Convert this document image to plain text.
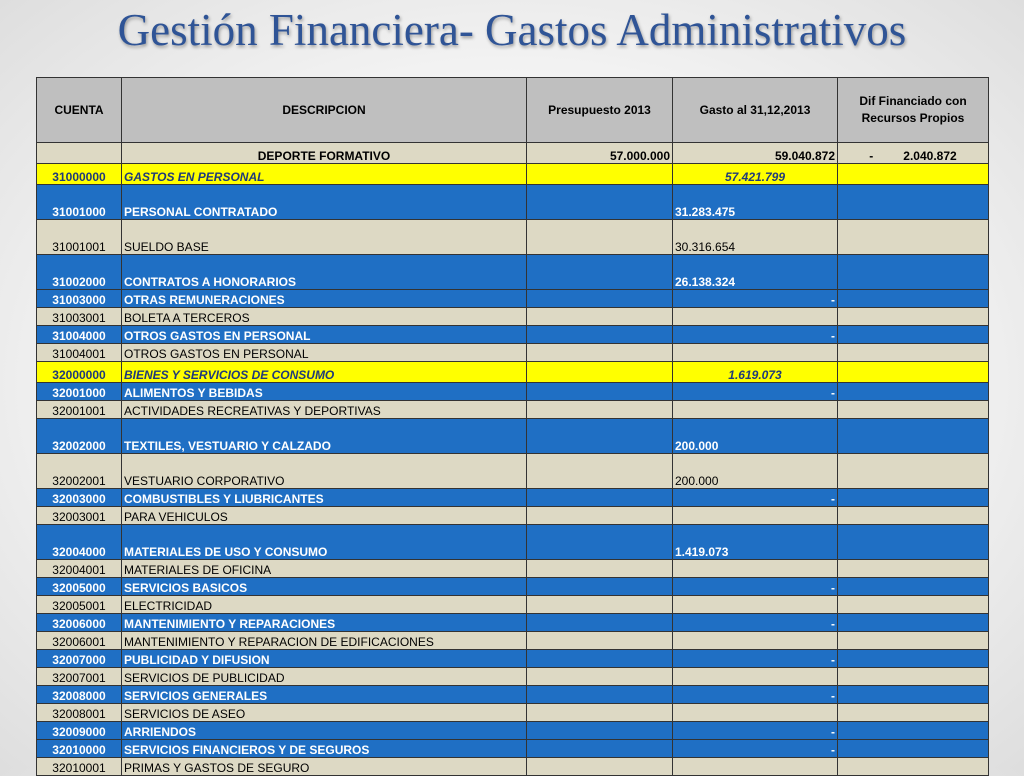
Gestión Financiera- Gastos Administrativos
CUENTA	DESCRIPCION	Presupuesto 2013	Gasto al 31,12,2013	Dif Financiado con Recursos Propios
	DEPORTE FORMATIVO	57.000.000	59.040.872	-         2.040.872
31000000	GASTOS EN PERSONAL		57.421.799	
31001000	PERSONAL CONTRATADO		31.283.475	
31001001	SUELDO BASE		30.316.654	
31002000	CONTRATOS A HONORARIOS		26.138.324	
31003000	OTRAS REMUNERACIONES		-	
31003001	BOLETA A TERCEROS			
31004000	OTROS GASTOS EN PERSONAL		-	
31004001	OTROS GASTOS EN PERSONAL			
32000000	BIENES Y SERVICIOS DE CONSUMO		1.619.073	
32001000	ALIMENTOS Y BEBIDAS		-	
32001001	ACTIVIDADES RECREATIVAS Y DEPORTIVAS			
32002000	TEXTILES, VESTUARIO Y CALZADO		200.000	
32002001	VESTUARIO CORPORATIVO		200.000	
32003000	COMBUSTIBLES Y LIUBRICANTES		-	
32003001	PARA VEHICULOS			
32004000	MATERIALES DE USO Y CONSUMO		1.419.073	
32004001	MATERIALES DE OFICINA			
32005000	SERVICIOS BASICOS		-	
32005001	ELECTRICIDAD			
32006000	MANTENIMIENTO Y REPARACIONES		-	
32006001	MANTENIMIENTO Y REPARACION DE EDIFICACIONES			
32007000	PUBLICIDAD Y DIFUSION		-	
32007001	SERVICIOS DE PUBLICIDAD			
32008000	SERVICIOS GENERALES		-	
32008001	SERVICIOS DE ASEO			
32009000	ARRIENDOS		-	
32010000	SERVICIOS FINANCIEROS Y DE SEGUROS		-	
32010001	PRIMAS Y GASTOS DE SEGURO			
